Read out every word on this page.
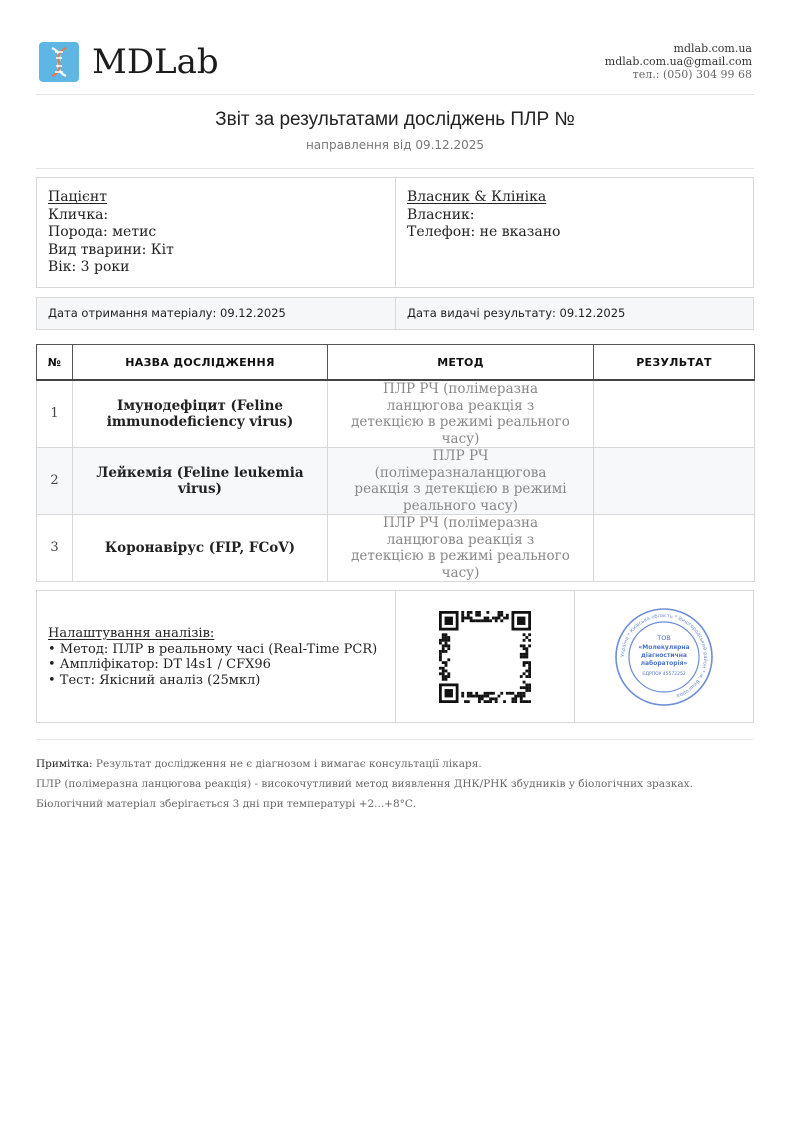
MDLab	mdlab.com.ua
mdlab.com.ua@gmail.com
тел.: (050) 304 99 68
Звіт за результатами досліджень ПЛР №
направлення від 09.12.2025
Пацієнт
Кличка:
Порода: метис
Вид тварини: Кіт
Вік: 3 роки
Власник & Клініка
Власник:
Телефон: не вказано
Дата отримання матеріалу: 09.12.2025	Дата видачі результату: 09.12.2025
№	НАЗВА ДОСЛІДЖЕННЯ	МЕТОД	РЕЗУЛЬТАТ
1	Імунодефіцит (Feline immunodeficiency virus)	ПЛР РЧ (полімеразна ланцюгова реакція з детекцією в режимі реального часу)	
2	Лейкемія (Feline leukemia virus)	ПЛР РЧ (полімеразналанцюгова реакція з детекцією в режимі реального часу)	
3	Коронавірус (FIP, FCoV)	ПЛР РЧ (полімеразна ланцюгова реакція з детекцією в режимі реального часу)	
Налаштування аналізів:
• Метод: ПЛР в реальному часі (Real-Time PCR)
• Ампліфікатор: DT l4s1 / CFX96
• Тест: Якісний аналіз (25мкл)
Україна * Київська область * Вишгородський район * м. Вишгород
ТОВ
«Молекулярна
діагностична
лабораторія»
ЄДРПОУ 45572252
Примітка: Результат дослідження не є діагнозом і вимагає консультації лікаря.
ПЛР (полімеразна ланцюгова реакція) - високочутливий метод виявлення ДНК/РНК збудників у біологічних зразках.
Біологічний матеріал зберігається 3 дні при температурі +2...+8°C.
